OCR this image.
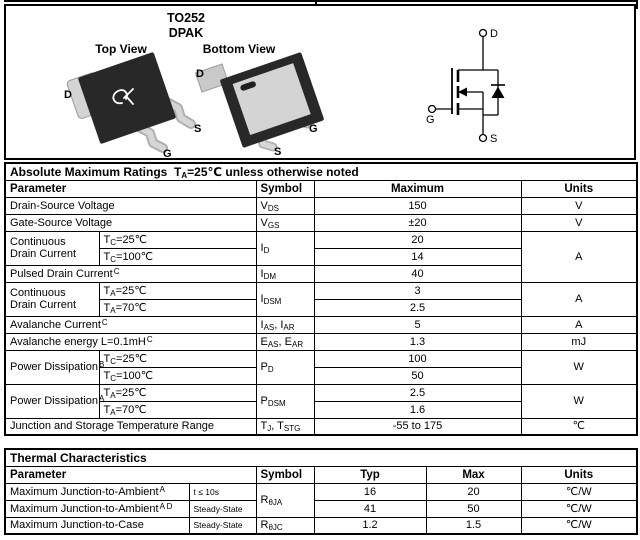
TO252
DPAK
Top View	Bottom View
D
S
G
D
G
S
D
G
S
Absolute Maximum Ratings $T_A=25℃$ unless otherwise noted				
Parameter		Symbol	Maximum	Units
Drain-Source Voltage		$V_{DS}$	150	V
Gate-Source Voltage		$V_{GS}$	±20	V
Continuous Drain Current	$T_C=25℃$	$I_D$	20	A
	$T_C=100℃$		14	
Pulsed Drain Current$^C$		$I_{DM}$	40	
Continuous Drain Current	$T_A=25℃$	$I_{DSM}$	3	A
	$T_A=70℃$		2.5	
Avalanche Current$^C$		$I_{AS}$, $I_{AR}$	5	A
Avalanche energy $L=0.1mH^C$		$E_{AS}$, $E_{AR}$	1.3	mJ
Power Dissipation$^B$	$T_C=25℃$	$P_D$	100	W
	$T_C=100℃$		50	
Power Dissipation$^A$	$T_A=25℃$	$P_{DSM}$	2.5	W
	$T_A=70℃$		1.6	
Junction and Storage Temperature Range		$T_J$, $T_{STG}$	-55 to 175	℃
Thermal Characteristics					
Parameter		Symbol	Typ	Max	Units
Maximum Junction-to-Ambient$^A$	t ≤ 10s	$R_{\theta JA}$	16	20	℃/W
Maximum Junction-to-Ambient$^{A D}$	Steady-State		41	50	℃/W
Maximum Junction-to-Case	Steady-State	$R_{\theta JC}$	1.2	1.5	℃/W
